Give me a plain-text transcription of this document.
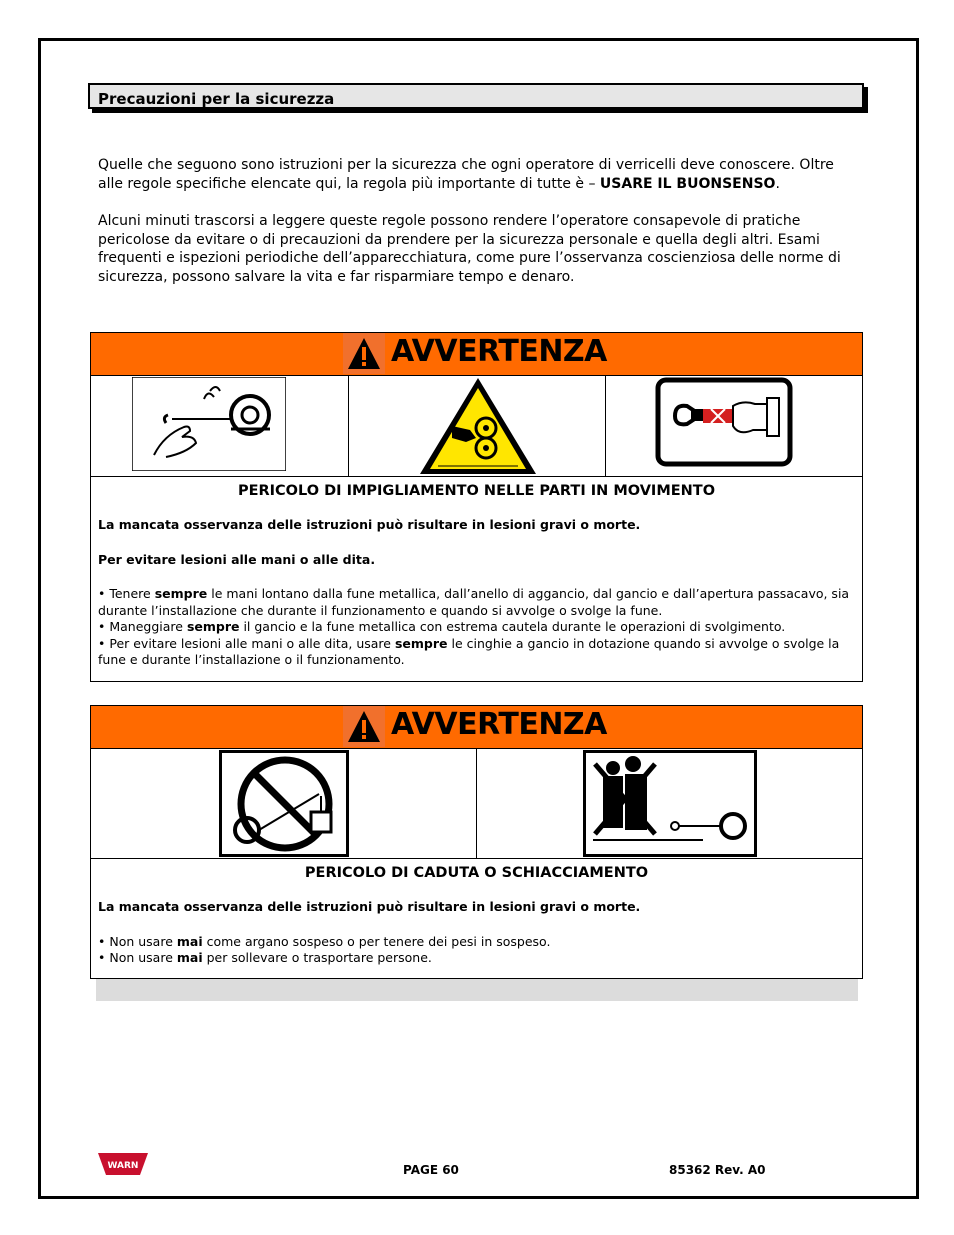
Precauzioni per la sicurezza
Quelle che seguono sono istruzioni per la sicurezza che ogni operatore di verricelli deve conoscere. Oltre alle regole specifiche elencate qui, la regola più importante di tutte è – USARE IL BUONSENSO.
Alcuni minuti trascorsi a leggere queste regole possono rendere l’operatore consapevole di pratiche pericolose da evitare o di precauzioni da prendere per la sicurezza personale e quella degli altri. Esami frequenti e ispezioni periodiche dell’apparecchiatura, come pure l’osservanza coscienziosa delle norme di sicurezza, possono salvare la vita e far risparmiare tempo e denaro.
AVVERTENZA
PERICOLO DI IMPIGLIAMENTO NELLE PARTI IN MOVIMENTO
La mancata osservanza delle istruzioni può risultare in lesioni gravi o morte.
Per evitare lesioni alle mani o alle dita.
• Tenere sempre le mani lontano dalla fune metallica, dall’anello di aggancio, dal gancio e dall’apertura passacavo, sia durante l’installazione che durante il funzionamento e quando si avvolge o svolge la fune.
• Maneggiare sempre il gancio e la fune metallica con estrema cautela durante le operazioni di svolgimento.
• Per evitare lesioni alle mani o alle dita, usare sempre le cinghie a gancio in dotazione quando si avvolge o svolge la fune e durante l’installazione o il funzionamento.
AVVERTENZA
PERICOLO DI CADUTA O SCHIACCIAMENTO
La mancata osservanza delle istruzioni può risultare in lesioni gravi o morte.
• Non usare mai come argano sospeso o per tenere dei pesi in sospeso.
• Non usare mai per sollevare o trasportare persone.
WARN	PAGE 60	85362 Rev. A0
